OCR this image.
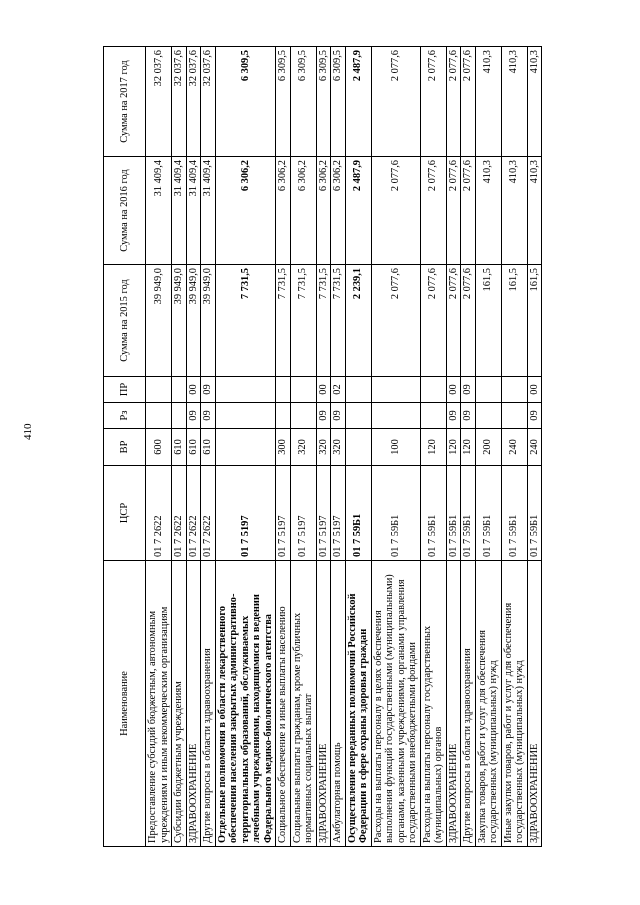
410
Наименование	ЦСР	ВР	Рз	ПР	Сумма на 2015 год	Сумма на 2016 год	Сумма на 2017 год
Предоставление субсидий бюджетным, автономным учреждениям и иным некоммерческим организациям	01 7 2622	600			39 949,0	31 409,4	32 037,6
Субсидии бюджетным учреждениям	01 7 2622	610			39 949,0	31 409,4	32 037,6
ЗДРАВООХРАНЕНИЕ	01 7 2622	610	09	00	39 949,0	31 409,4	32 037,6
Другие вопросы в области здравоохранения	01 7 2622	610	09	09	39 949,0	31 409,4	32 037,6
Отдельные полномочия в области лекарственного обеспечения населения закрытых административно-территориальных образований, обслуживаемых лечебными учреждениями, находящимися в ведении Федерального медико-биологического агентства	01 7 5197				7 731,5	6 306,2	6 309,5
Социальное обеспечение и иные выплаты населению	01 7 5197	300			7 731,5	6 306,2	6 309,5
Социальные выплаты гражданам, кроме публичных нормативных социальных выплат	01 7 5197	320			7 731,5	6 306,2	6 309,5
ЗДРАВООХРАНЕНИЕ	01 7 5197	320	09	00	7 731,5	6 306,2	6 309,5
Амбулаторная помощь	01 7 5197	320	09	02	7 731,5	6 306,2	6 309,5
Осуществление переданных полномочий Российской Федерации в сфере охраны здоровья граждан	01 7 59Б1				2 239,1	2 487,9	2 487,9
Расходы на выплаты персоналу в целях обеспечения выполнения функций государственными (муниципальными) органами, казенными учреждениями, органами управления государственными внебюджетными фондами	01 7 59Б1	100			2 077,6	2 077,6	2 077,6
Расходы на выплаты персоналу государственных (муниципальных) органов	01 7 59Б1	120			2 077,6	2 077,6	2 077,6
ЗДРАВООХРАНЕНИЕ	01 7 59Б1	120	09	00	2 077,6	2 077,6	2 077,6
Другие вопросы в области здравоохранения	01 7 59Б1	120	09	09	2 077,6	2 077,6	2 077,6
Закупка товаров, работ и услуг для обеспечения государственных (муниципальных) нужд	01 7 59Б1	200			161,5	410,3	410,3
Иные закупки товаров, работ и услуг для обеспечения государственных (муниципальных) нужд	01 7 59Б1	240			161,5	410,3	410,3
ЗДРАВООХРАНЕНИЕ	01 7 59Б1	240	09	00	161,5	410,3	410,3
